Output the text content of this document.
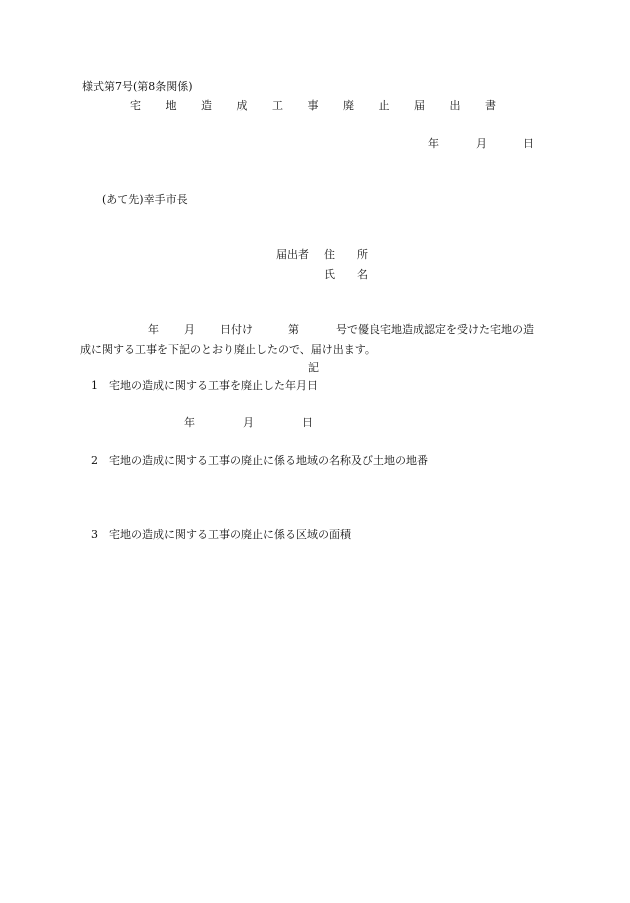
様式第7号(第8条関係)
宅 地 造 成 工 事 廃 止 届 出 書
年	月	日
(あて先)幸手市長
届出者 住　　所
氏　　名
年 月 日付け	第	号で優良宅地造成認定を受けた宅地の造
成に関する工事を下記のとおり廃止したので、届け出ます。
記
1　宅地の造成に関する工事を廃止した年月日
年	月	日
2　宅地の造成に関する工事の廃止に係る地域の名称及び土地の地番
3　宅地の造成に関する工事の廃止に係る区域の面積
